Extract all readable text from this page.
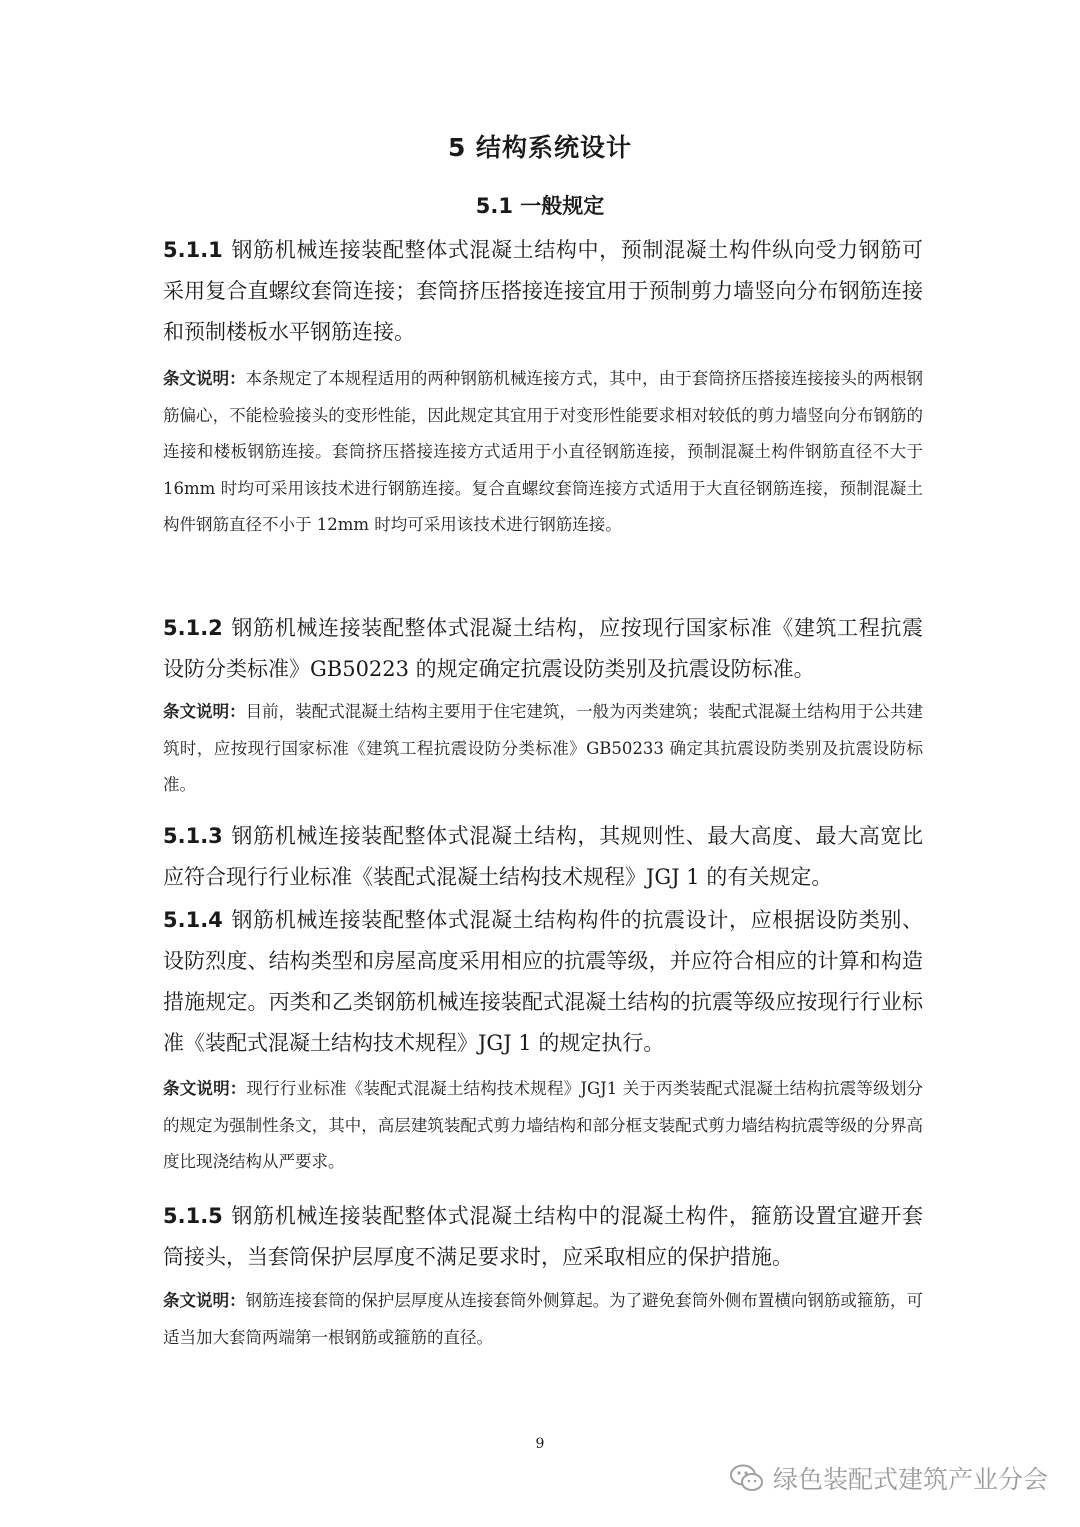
5 结构系统设计
5.1 一般规定

5.1.1 钢筋机械连接装配整体式混凝土结构中，预制混凝土构件纵向受力钢筋可采用复合直螺纹套筒连接；套筒挤压搭接连接宜用于预制剪力墙竖向分布钢筋连接和预制楼板水平钢筋连接。

条文说明：本条规定了本规程适用的两种钢筋机械连接方式，其中，由于套筒挤压搭接连接接头的两根钢筋偏心，不能检验接头的变形性能，因此规定其宜用于对变形性能要求相对较低的剪力墙竖向分布钢筋的连接和楼板钢筋连接。套筒挤压搭接连接方式适用于小直径钢筋连接，预制混凝土构件钢筋直径不大于 16mm 时均可采用该技术进行钢筋连接。复合直螺纹套筒连接方式适用于大直径钢筋连接，预制混凝土构件钢筋直径不小于 12mm 时均可采用该技术进行钢筋连接。

5.1.2 钢筋机械连接装配整体式混凝土结构，应按现行国家标准《建筑工程抗震设防分类标准》GB50223 的规定确定抗震设防类别及抗震设防标准。

条文说明：目前，装配式混凝土结构主要用于住宅建筑，一般为丙类建筑；装配式混凝土结构用于公共建筑时，应按现行国家标准《建筑工程抗震设防分类标准》GB50233 确定其抗震设防类别及抗震设防标准。

5.1.3 钢筋机械连接装配整体式混凝土结构，其规则性、最大高度、最大高宽比应符合现行行业标准《装配式混凝土结构技术规程》JGJ 1 的有关规定。

5.1.4 钢筋机械连接装配整体式混凝土结构构件的抗震设计，应根据设防类别、设防烈度、结构类型和房屋高度采用相应的抗震等级，并应符合相应的计算和构造措施规定。丙类和乙类钢筋机械连接装配式混凝土结构的抗震等级应按现行行业标准《装配式混凝土结构技术规程》JGJ 1 的规定执行。

条文说明：现行行业标准《装配式混凝土结构技术规程》JGJ1 关于丙类装配式混凝土结构抗震等级划分的规定为强制性条文，其中，高层建筑装配式剪力墙结构和部分框支装配式剪力墙结构抗震等级的分界高度比现浇结构从严要求。

5.1.5 钢筋机械连接装配整体式混凝土结构中的混凝土构件，箍筋设置宜避开套筒接头，当套筒保护层厚度不满足要求时，应采取相应的保护措施。

条文说明：钢筋连接套筒的保护层厚度从连接套筒外侧算起。为了避免套筒外侧布置横向钢筋或箍筋，可适当加大套筒两端第一根钢筋或箍筋的直径。

9
绿色装配式建筑产业分会
